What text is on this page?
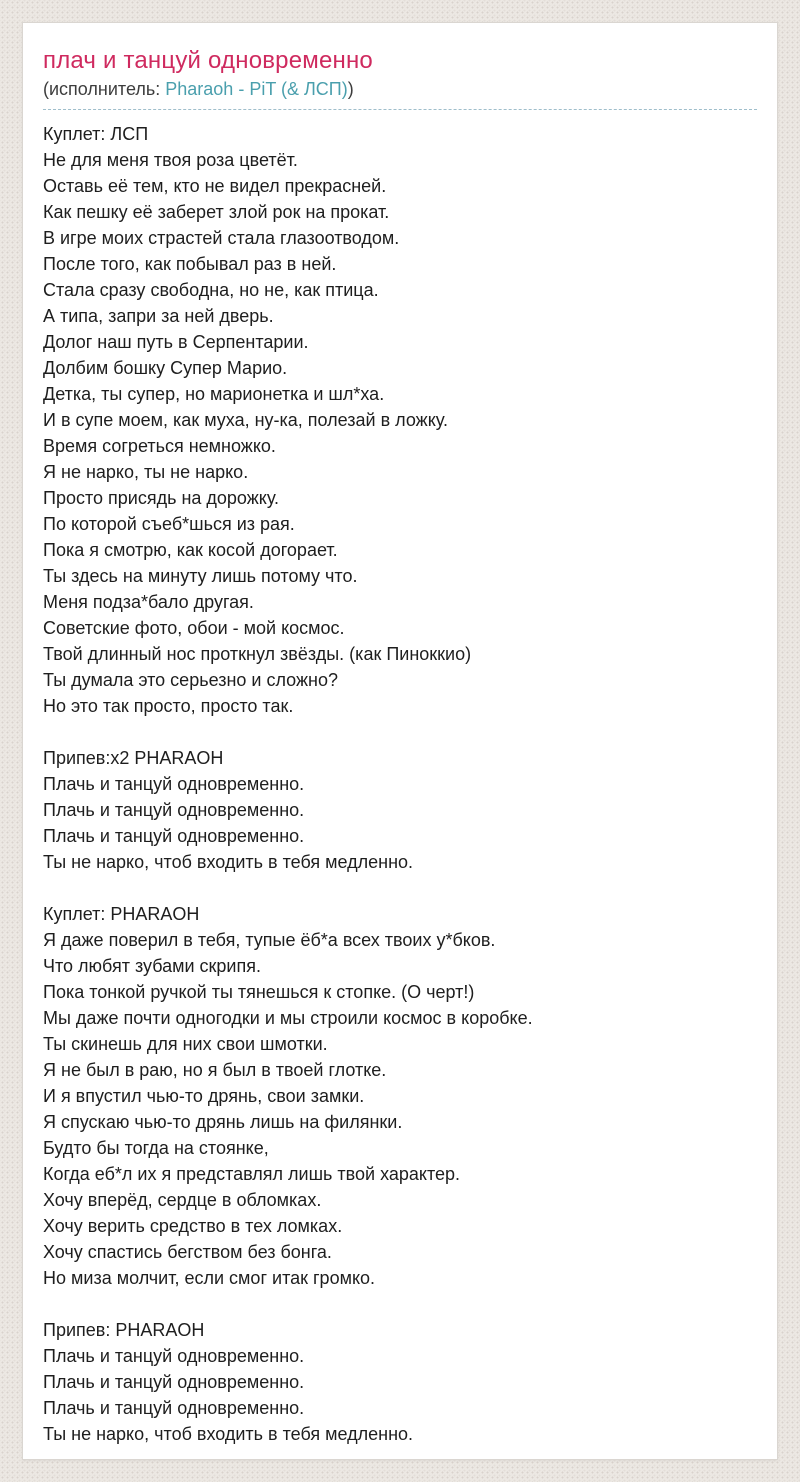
плач и танцуй одновременно

(исполнитель: Pharaoh - PiT (& ЛСП))

Куплет: ЛСП

Не для меня твоя роза цветёт.

Оставь её тем, кто не видел прекрасней.

Как пешку её заберет злой рок на прокат.

В игре моих страстей стала глазоотводом.

После того, как побывал раз в ней.

Стала сразу свободна, но не, как птица.

А типа, запри за ней дверь.

Долог наш путь в Серпентарии.

Долбим бошку Супер Марио.

Детка, ты супер, но марионетка и шл*ха.

И в супе моем, как муха, ну-ка, полезай в ложку.

Время согреться немножко.

Я не нарко, ты не нарко.

Просто присядь на дорожку.

По которой съеб*шься из рая.

Пока я смотрю, как косой догорает.

Ты здесь на минуту лишь потому что.

Меня подза*бало другая.

Советские фото, обои - мой космос.

Твой длинный нос проткнул звёзды. (как Пиноккио)

Ты думала это серьезно и сложно?

Но это так просто, просто так.

Припев:x2 PHARAOH

Плачь и танцуй одновременно.

Плачь и танцуй одновременно.

Плачь и танцуй одновременно.

Ты не нарко, чтоб входить в тебя медленно.

Куплет: PHARAOH

Я даже поверил в тебя, тупые ёб*а всех твоих у*бков.

Что любят зубами скрипя.

Пока тонкой ручкой ты тянешься к стопке. (О черт!)

Мы даже почти одногодки и мы строили космос в коробке.

Ты скинешь для них свои шмотки.

Я не был в раю, но я был в твоей глотке.

И я впустил чью-то дрянь, свои замки.

Я спускаю чью-то дрянь лишь на филянки.

Будто бы тогда на стоянке,

Когда еб*л их я представлял лишь твой характер.

Хочу вперёд, сердце в обломках.

Хочу верить средство в тех ломках.

Хочу спастись бегством без бонга.

Но миза молчит, если смог итак громко.

Припев: PHARAOH

Плачь и танцуй одновременно.

Плачь и танцуй одновременно.

Плачь и танцуй одновременно.

Ты не нарко, чтоб входить в тебя медленно.
